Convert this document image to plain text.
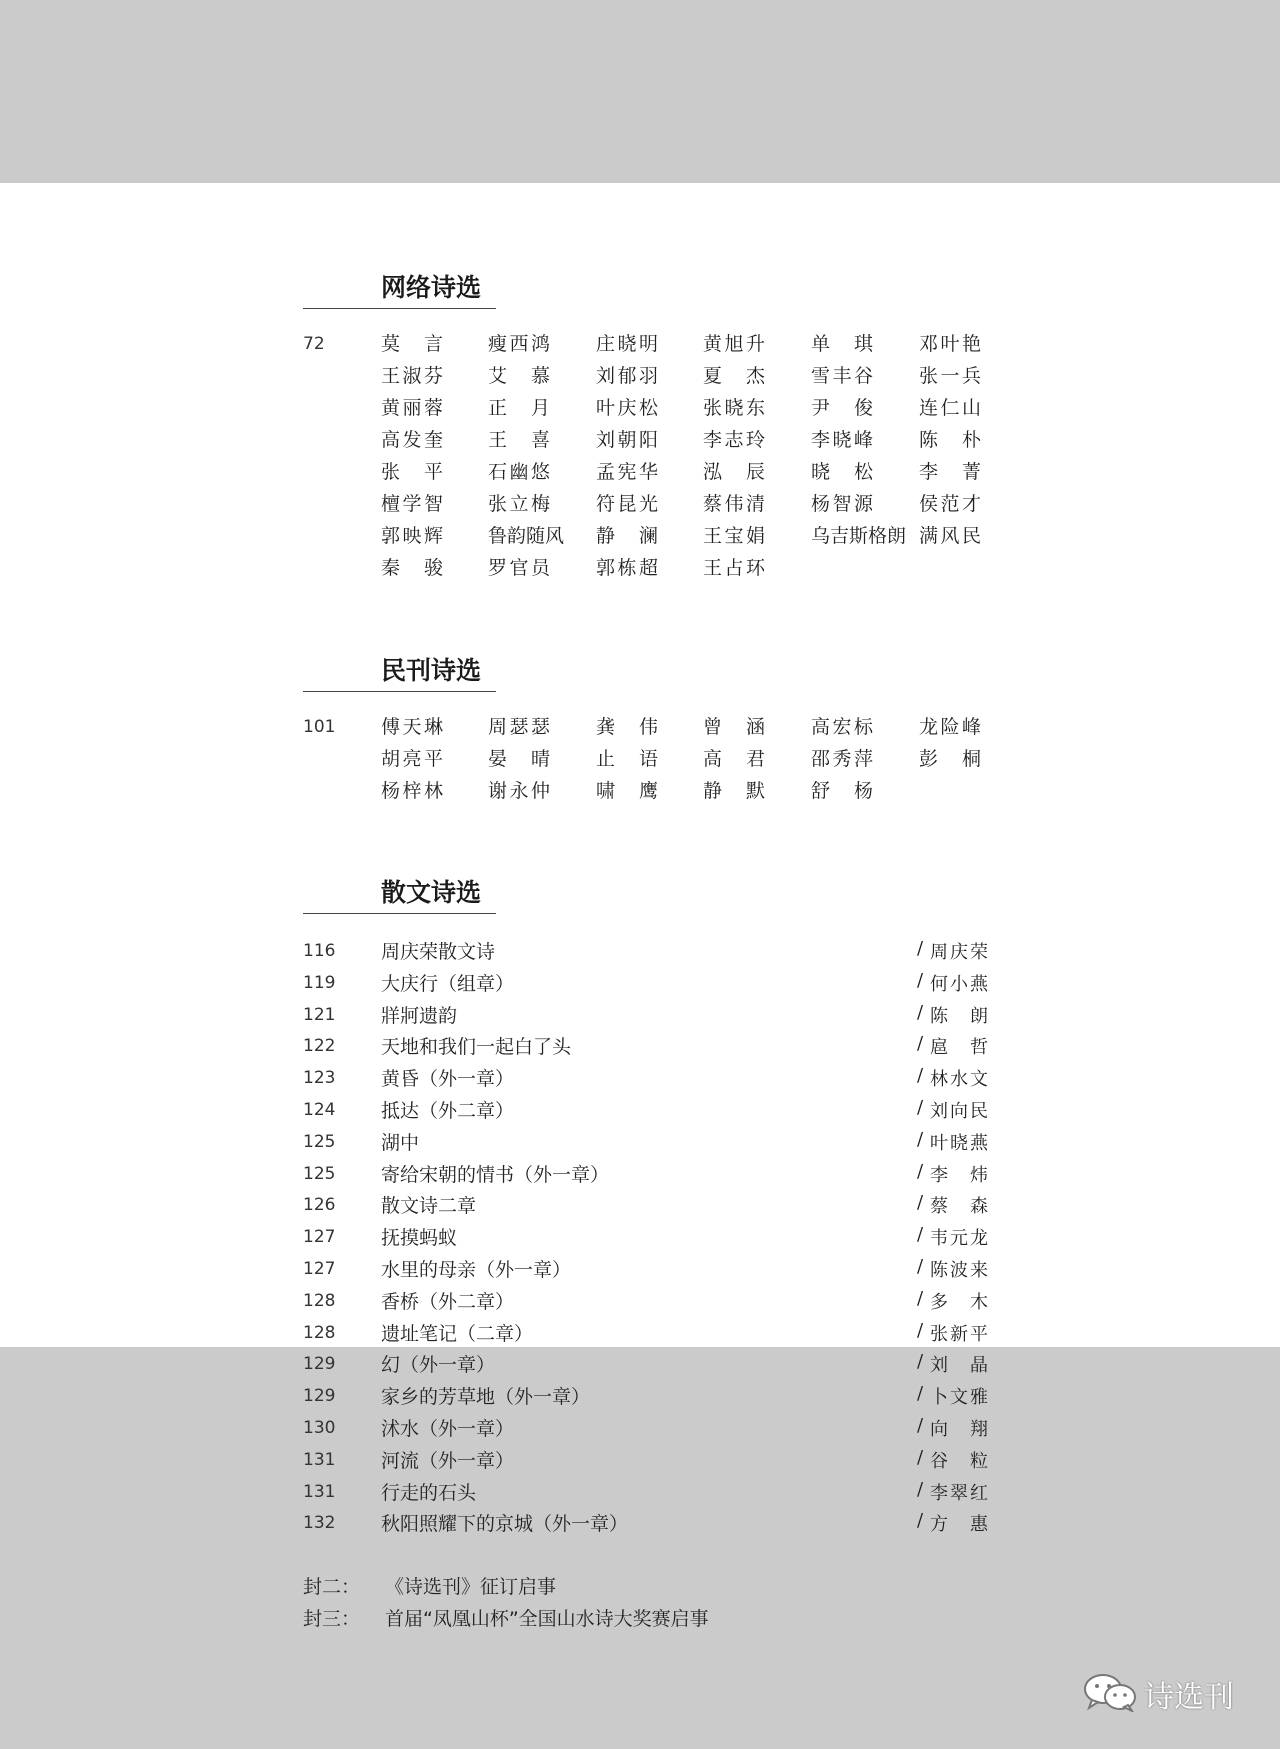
网络诗选
72	莫言 瘦西鸿 庄晓明 黄旭升 单琪 邓叶艳
王淑芬 艾慕 刘郁羽 夏杰 雪丰谷 张一兵
黄丽蓉 正月 叶庆松 张晓东 尹俊 连仁山
高发奎 王喜 刘朝阳 李志玲 李晓峰 陈朴
张平 石幽悠 孟宪华 泓辰 晓松 李菁
檀学智 张立梅 符昆光 蔡伟清 杨智源 侯范才
郭映辉 鲁韵随风 静澜 王宝娟 乌吉斯格朗 满风民
秦骏 罗官员 郭栋超 王占环
民刊诗选
101 傅天琳 周瑟瑟 龚伟 曾涵 高宏标 龙险峰
胡亮平 晏晴 止语 高君 邵秀萍 彭桐
杨梓林 谢永仲 啸鹰 静默 舒杨
散文诗选
116 周庆荣散文诗	/ 周庆荣
119 大庆行（组章）	/ 何小燕
121 牂牁遗韵	/ 陈朗
122 天地和我们一起白了头	/ 扈哲
123 黄昏（外一章）	/ 林水文
124 抵达（外二章）	/ 刘向民
125 湖中	/ 叶晓燕
125 寄给宋朝的情书（外一章）	/ 李炜
126 散文诗二章	/ 蔡森
127 抚摸蚂蚁	/ 韦元龙
127 水里的母亲（外一章）	/ 陈波来
128 香桥（外二章）	/ 多木
128 遗址笔记（二章）	/ 张新平
129 幻（外一章）	/ 刘晶
129 家乡的芳草地（外一章）	/ 卜文雅
130 沭水（外一章）	/ 向翔
131 河流（外一章）	/ 谷粒
131 行走的石头	/ 李翠红
132 秋阳照耀下的京城（外一章）	/ 方惠
封二： 《诗选刊》征订启事
封三： 首届“凤凰山杯”全国山水诗大奖赛启事
诗选刊
